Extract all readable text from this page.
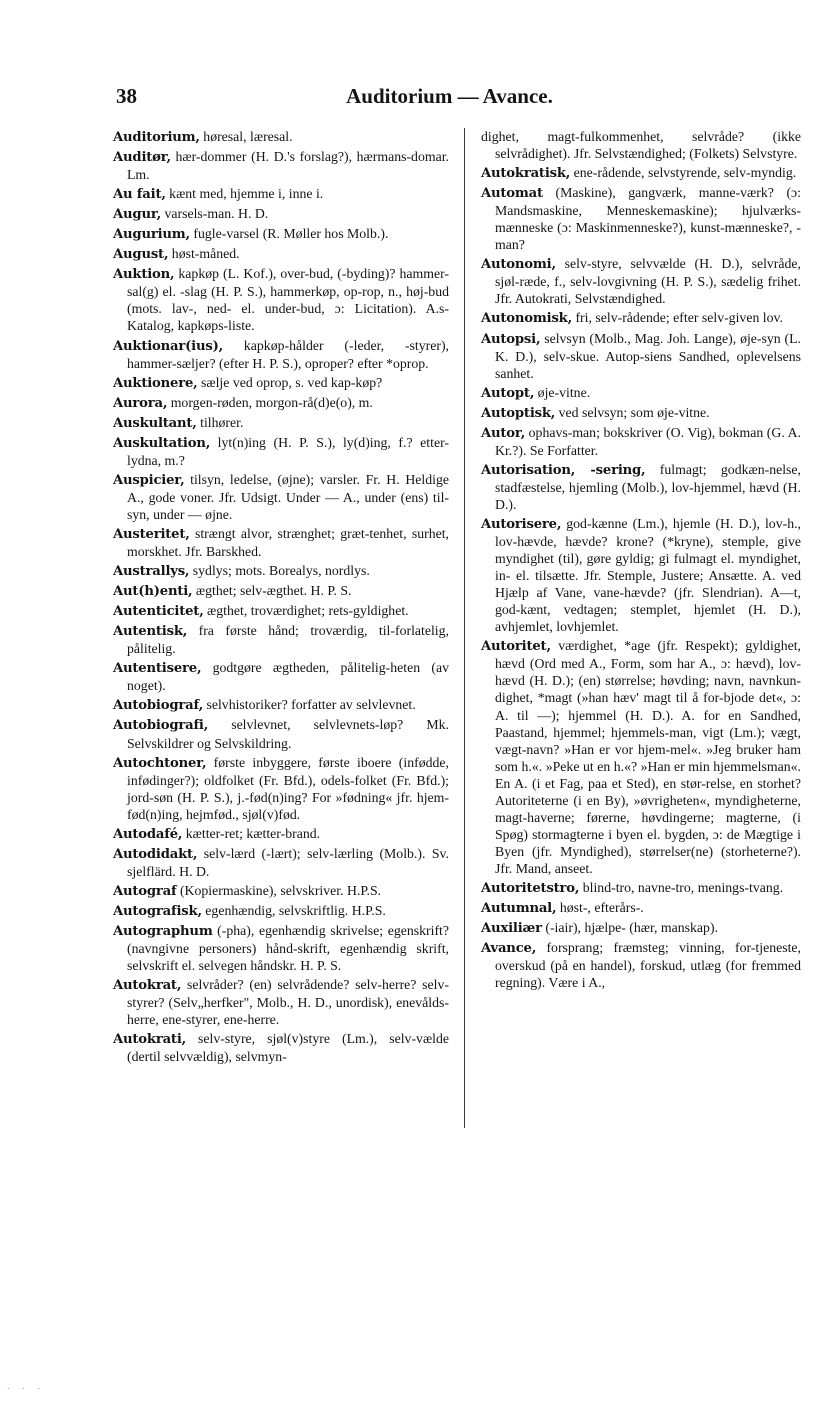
38	Auditorium — Avance.

Auditorium, høresal, læresal.

Auditør, hær-dommer (H. D.'s forslag?), hærmans-domar. Lm.

Au fait, kænt med, hjemme i, inne i.

Augur, varsels-man. H. D.

Augurium, fugle-varsel (R. Møller hos Molb.).

August, høst-måned.

Auktion, kapkøp (L. Kof.), over-bud, (-byding)? hammer-sal(g) el. -slag (H. P. S.), hammerkøp, op-rop, n., høj-bud (mots. lav-, ned- el. under-bud, ɔ: Licitation). A.s-Katalog, kapkøps-liste.

Auktionar(ius), kapkøp-hålder (-leder, -styrer), hammer-sæljer? (efter H. P. S.), oproper? efter *oprop.

Auktionere, sælje ved oprop, s. ved kap-køp?

Aurora, morgen-røden, morgon-rå(d)e(o), m.

Auskultant, tilhører.

Auskultation, lyt(n)ing (H. P. S.), ly(d)ing, f.? etter-lydna, m.?

Auspicier, tilsyn, ledelse, (øjne); varsler. Fr. H. Heldige A., gode voner. Jfr. Udsigt. Under — A., under (ens) til-syn, under — øjne.

Austeritet, strængt alvor, strænghet; græt-tenhet, surhet, morskhet. Jfr. Barskhed.

Australlys, sydlys; mots. Borealys, nordlys.

Aut(h)enti, ægthet; selv-ægthet. H. P. S.

Autenticitet, ægthet, troværdighet; rets-gyldighet.

Autentisk, fra første hånd; troværdig, til-forlatelig, pålitelig.

Autentisere, godtgøre ægtheden, pålitelig-heten (av noget).

Autobiograf, selvhistoriker? forfatter av selvlevnet.

Autobiografi, selvlevnet, selvlevnets-løp? Mk. Selvskildrer og Selvskildring.

Autochtoner, første inbyggere, første iboere (infødde, infødinger?); oldfolket (Fr. Bfd.), odels-folket (Fr. Bfd.); jord-søn (H. P. S.), j.-fød(n)ing? For »fødning« jfr. hjem-fød(n)ing, hejmfød., sjøl(v)fød.

Autodafé, kætter-ret; kætter-brand.

Autodidakt, selv-lærd (-lært); selv-lærling (Molb.). Sv. sjelflärd. H. D.

Autograf (Kopiermaskine), selvskriver. H.P.S.

Autografisk, egenhændig, selvskriftlig. H.P.S.

Autographum (-pha), egenhændig skrivelse; egenskrift? (navngivne personers) hånd-skrift, egenhændig skrift, selvskrift el. selvegen håndskr. H. P. S.

Autokrat, selvråder? (en) selvrådende? selv-herre? selv-styrer? (Selv„herfker", Molb., H. D., unordisk), enevålds-herre, ene-styrer, ene-herre.

Autokrati, selv-styre, sjøl(v)styre (Lm.), selv-vælde (dertil selvvældig), selvmyn-

dighet, magt-fulkommenhet, selvråde? (ikke selvrådighet). Jfr. Selvstændighed; (Folkets) Selvstyre.

Autokratisk, ene-rådende, selvstyrende, selv-myndig.

Automat (Maskine), gangværk, manne-værk? (ɔ: Mandsmaskine, Menneskemaskine); hjulværks-mænneske (ɔ: Maskinmenneske?), kunst-mænneske?, -man?

Autonomi, selv-styre, selvvælde (H. D.), selvråde, sjøl-ræde, f., selv-lovgivning (H. P. S.), sædelig frihet. Jfr. Autokrati, Selvstændighed.

Autonomisk, fri, selv-rådende; efter selv-given lov.

Autopsi, selvsyn (Molb., Mag. Joh. Lange), øje-syn (L. K. D.), selv-skue. Autop-siens Sandhed, oplevelsens sanhet.

Autopt, øje-vitne.

Autoptisk, ved selvsyn; som øje-vitne.

Autor, ophavs-man; bokskriver (O. Vig), bokman (G. A. Kr.?). Se Forfatter.

Autorisation, -sering, fulmagt; godkæn-nelse, stadfæstelse, hjemling (Molb.), lov-hjemmel, hævd (H. D.).

Autorisere, god-kænne (Lm.), hjemle (H. D.), lov-h., lov-hævde, hævde? krone? (*kryne), stemple, give myndighet (til), gøre gyldig; gi fulmagt el. myndighet, in- el. tilsætte. Jfr. Stemple, Justere; Ansætte. A. ved Hjælp af Vane, vane-hævde? (jfr. Slendrian). A—t, god-kænt, vedtagen; stemplet, hjemlet (H. D.), avhjemlet, lovhjemlet.

Autoritet, værdighet, *age (jfr. Respekt); gyldighet, hævd (Ord med A., Form, som har A., ɔ: hævd), lov-hævd (H. D.); (en) størrelse; høvding; navn, navnkun-dighet, *magt (»han hæv' magt til å for-bjode det«, ɔ: A. til —); hjemmel (H. D.). A. for en Sandhed, Paastand, hjemmel; hjemmels-man, vigt (Lm.); vægt, vægt-navn? »Han er vor hjem-mel«. »Jeg bruker ham som h.«. »Peke ut en h.«? »Han er min hjemmelsman«. En A. (i et Fag, paa et Sted), en stør-relse, en storhet? Autoriteterne (i en By), »øvrigheten«, myndigheterne, magt-haverne; førerne, høvdingerne; magterne, (i Spøg) stormagterne i byen el. bygden, ɔ: de Mægtige i Byen (jfr. Myndighed), størrelser(ne) (storheterne?). Jfr. Mand, anseet.

Autoritetstro, blind-tro, navne-tro, menings-tvang.

Autumnal, høst-, efterårs-.

Auxiliær (-iair), hjælpe- (hær, manskap).

Avance, forsprang; fræmsteg; vinning, for-tjeneste, overskud (på en handel), forskud, utlæg (for fremmed regning). Være i A.,

˙ ˙ ˙
